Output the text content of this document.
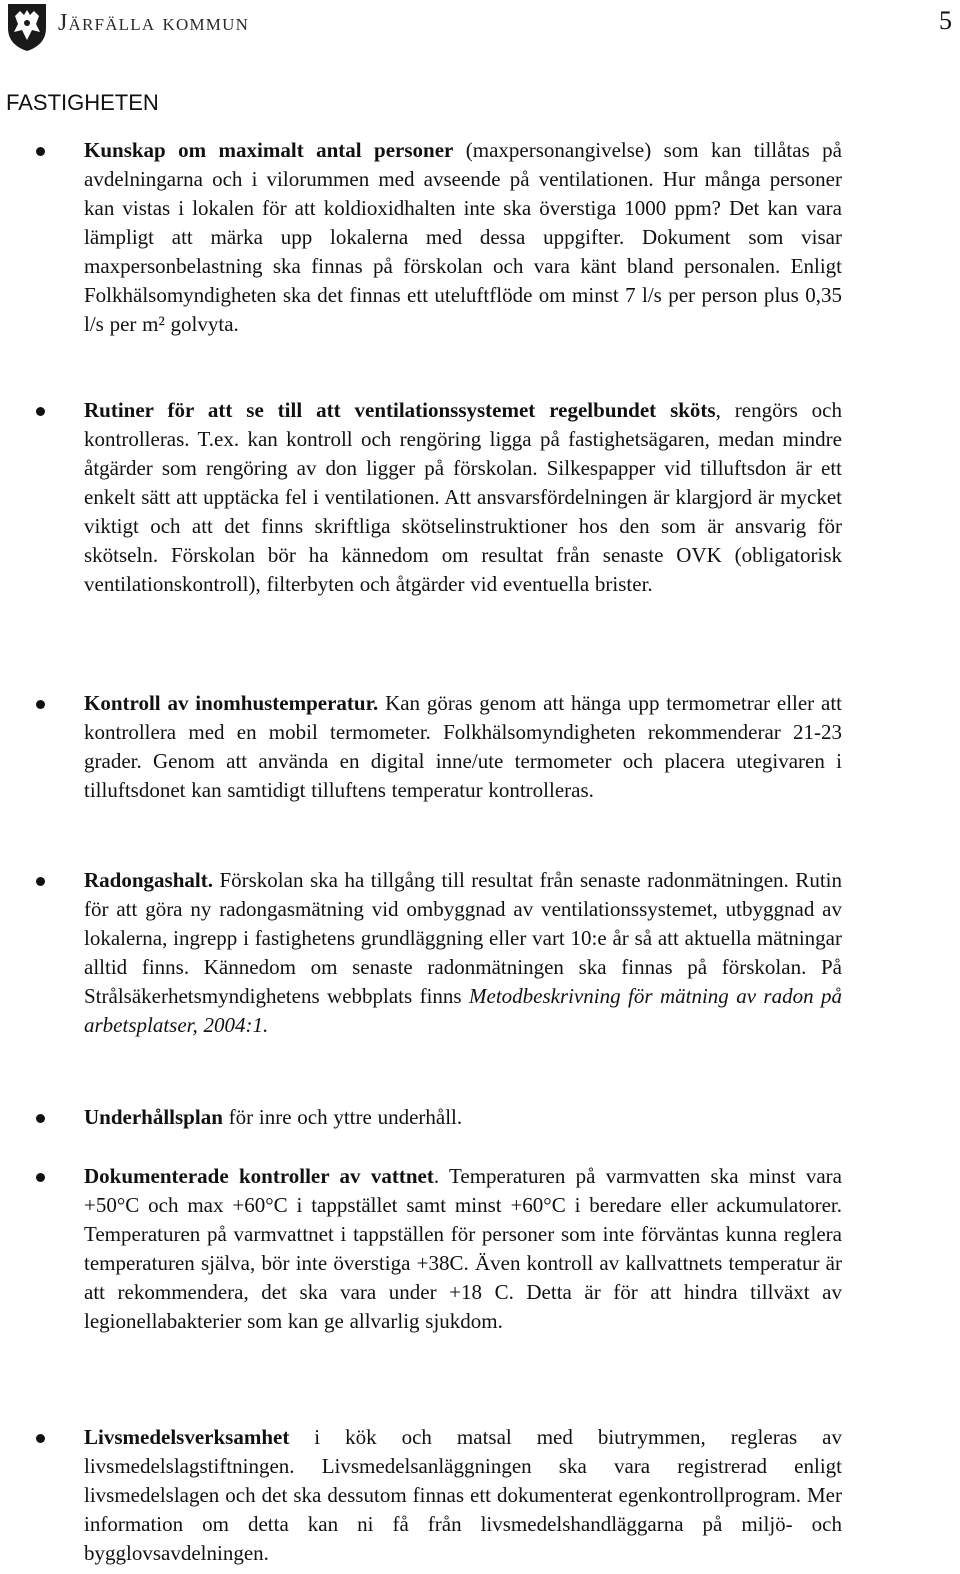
Järfälla kommun	5
FASTIGHETEN

Kunskap om maximalt antal personer (maxpersonangivelse) som kan tillåtas på avdelningarna och i vilorummen med avseende på ventilationen. Hur många personer kan vistas i lokalen för att koldioxidhalten inte ska överstiga 1000 ppm? Det kan vara lämpligt att märka upp lokalerna med dessa uppgifter. Dokument som visar maxpersonbelastning ska finnas på förskolan och vara känt bland personalen. Enligt Folkhälsomyndigheten ska det finnas ett uteluftflöde om minst 7 l/s per person plus 0,35 l/s per m² golvyta.

Rutiner för att se till att ventilationssystemet regelbundet sköts, rengörs och kontrolleras. T.ex. kan kontroll och rengöring ligga på fastighetsägaren, medan mindre åtgärder som rengöring av don ligger på förskolan. Silkespapper vid tilluftsdon är ett enkelt sätt att upptäcka fel i ventilationen. Att ansvarsfördelningen är klargjord är mycket viktigt och att det finns skriftliga skötselinstruktioner hos den som är ansvarig för skötseln. Förskolan bör ha kännedom om resultat från senaste OVK (obligatorisk ventilationskontroll), filterbyten och åtgärder vid eventuella brister.

Kontroll av inomhustemperatur. Kan göras genom att hänga upp termometrar eller att kontrollera med en mobil termometer. Folkhälsomyndigheten rekommenderar 21-23 grader. Genom att använda en digital inne/ute termometer och placera utegivaren i tilluftsdonet kan samtidigt tilluftens temperatur kontrolleras.

Radongashalt. Förskolan ska ha tillgång till resultat från senaste radonmätningen. Rutin för att göra ny radongasmätning vid ombyggnad av ventilationssystemet, utbyggnad av lokalerna, ingrepp i fastighetens grundläggning eller vart 10:e år så att aktuella mätningar alltid finns. Kännedom om senaste radonmätningen ska finnas på förskolan. På Strålsäkerhetsmyndighetens webbplats finns Metodbeskrivning för mätning av radon på arbetsplatser, 2004:1.

Underhållsplan för inre och yttre underhåll.

Dokumenterade kontroller av vattnet. Temperaturen på varmvatten ska minst vara +50°C och max +60°C i tappstället samt minst +60°C i beredare eller ackumulatorer. Temperaturen på varmvattnet i tappställen för personer som inte förväntas kunna reglera temperaturen själva, bör inte överstiga +38C. Även kontroll av kallvattnets temperatur är att rekommendera, det ska vara under +18 C. Detta är för att hindra tillväxt av legionellabakterier som kan ge allvarlig sjukdom.

Livsmedelsverksamhet i kök och matsal med biutrymmen, regleras av livsmedelslagstiftningen. Livsmedelsanläggningen ska vara registrerad enligt livsmedelslagen och det ska dessutom finnas ett dokumenterat egenkontrollprogram. Mer information om detta kan ni få från livsmedelshandläggarna på miljö- och bygglovsavdelningen.
